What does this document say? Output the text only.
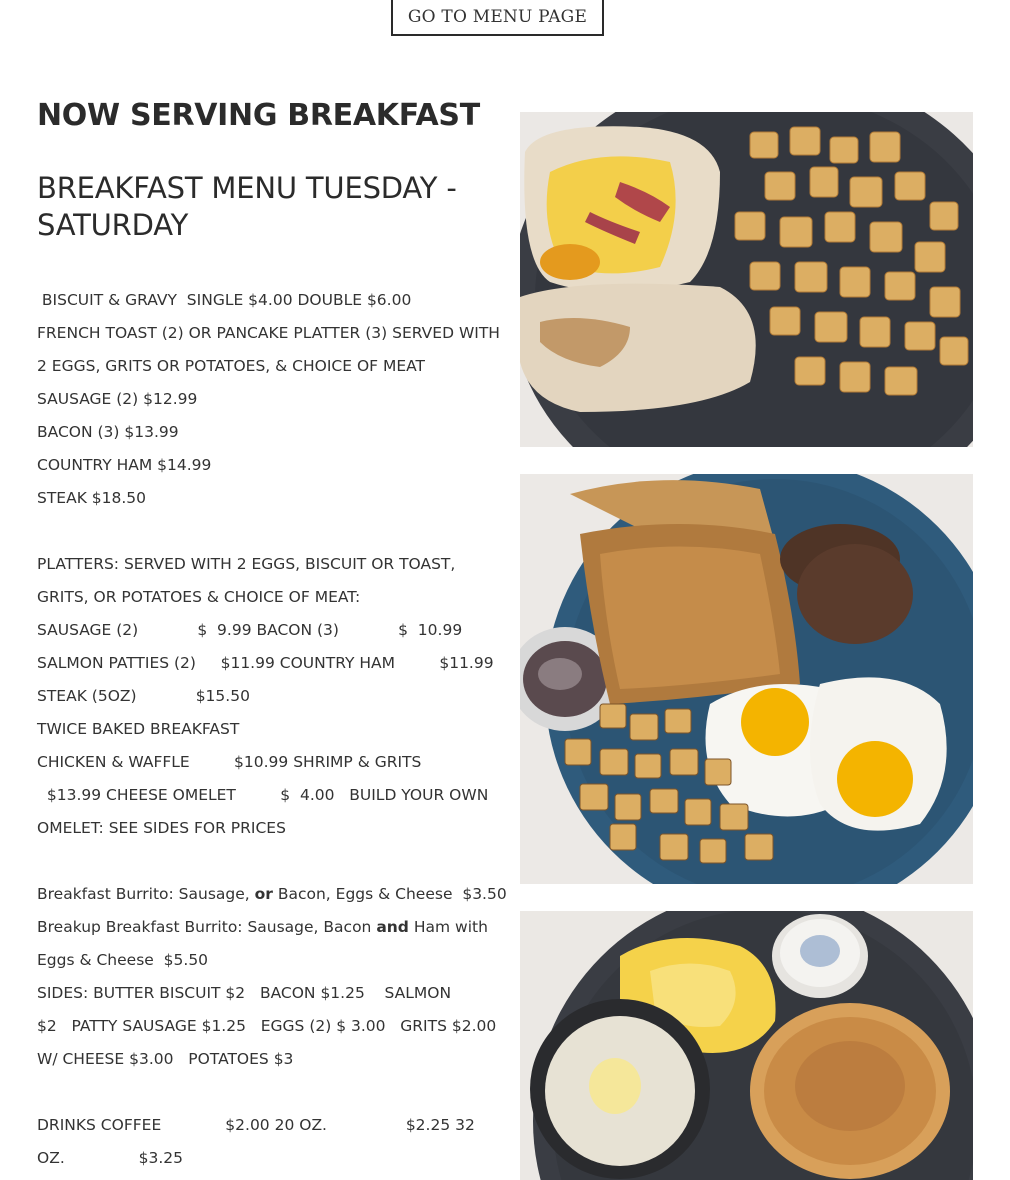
GO TO MENU PAGE
NOW SERVING BREAKFAST
BREAKFAST MENU TUESDAY -
SATURDAY
BISCUIT & GRAVY  SINGLE $4.00 DOUBLE $6.00
FRENCH TOAST (2) OR PANCAKE PLATTER (3) SERVED WITH
2 EGGS, GRITS OR POTATOES, & CHOICE OF MEAT
SAUSAGE (2) $12.99
BACON (3) $13.99
COUNTRY HAM $14.99
STEAK $18.50
PLATTERS: SERVED WITH 2 EGGS, BISCUIT OR TOAST,
GRITS, OR POTATOES & CHOICE OF MEAT:
SAUSAGE (2)            $  9.99 BACON (3)            $  10.99
SALMON PATTIES (2)     $11.99 COUNTRY HAM         $11.99
STEAK (5OZ)            $15.50
TWICE BAKED BREAKFAST
CHICKEN & WAFFLE         $10.99 SHRIMP & GRITS
$13.99 CHEESE OMELET         $  4.00   BUILD YOUR OWN
OMELET: SEE SIDES FOR PRICES
Breakfast Burrito: Sausage, or Bacon, Eggs & Cheese  $3.50
Breakup Breakfast Burrito: Sausage, Bacon and Ham with
Eggs & Cheese  $5.50
SIDES: BUTTER BISCUIT $2   BACON $1.25    SALMON
$2   PATTY SAUSAGE $1.25   EGGS (2) $ 3.00   GRITS $2.00
W/ CHEESE $3.00   POTATOES $3
DRINKS COFFEE             $2.00 20 OZ.                $2.25 32
OZ.               $3.25
